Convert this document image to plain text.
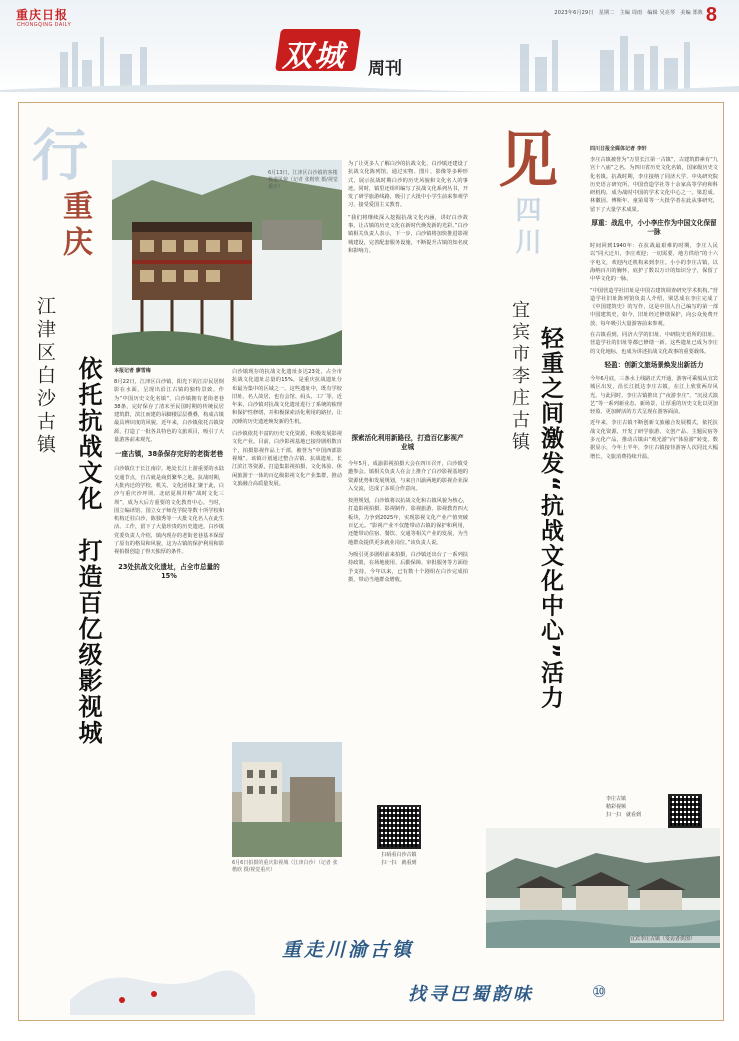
重庆日报
CHONGQING DAILY
2023年6月29日　星期二　主编 周雨　编辑 吴亮琴　美编 郑典 8
双城 周刊
行
重庆
江津区白沙古镇 依托抗战文化　打造百亿级影视城
6月13日，江津区白沙镇的客楼栈道风貌（记者 张楷欣 摄/视觉重庆）
本报记者 廖雪梅
8月22日，江津区白沙镇，阳光下的江岸民居倒影在水面，呈现出沿江古镇的独特景致。作为“中国历史文化名镇”，白沙镇拥有老街老巷38条，完好保存了清末至民国时期的传统民居建筑群，滨江而建的吊脚楼层层叠叠，构成古镇最具辨识度的风貌。近年来，白沙镇依托古镇资源，打造了一批各具特色的文旅项目，吸引了大量游客前来观光。
一座古镇，38条保存完好的老街老巷
白沙镇位于长江南岸，地处长江上游重要的水陆交通节点，自古就是商贸繁华之地。抗战时期，大批内迁的学校、机关、文化团体汇聚于此，白沙与重庆沙坪坝、北碚夏坝并称“战时文化三坝”，成为大后方重要的文化教育中心。当时，国立编译馆、国立女子师范学院等数十所学校和机构迁驻白沙，陈独秀等一大批文化名人在此生活、工作，留下了大量珍贵的历史遗迹。白沙镇党委负责人介绍，镇内现存的老街老巷基本保留了原有的格局和风貌，这为古镇的保护利用和影视拍摄创造了得天独厚的条件。
23处抗战文化遗址，占全市总量的15%
白沙镇现存的抗战文化遗址多达23处，占全市抗战文化遗址总量的15%，是重庆抗战遗址分布最为集中的区域之一。这些遗址中，既有学校旧址、名人故居，也有会馆、码头、工厂等。近年来，白沙镇对抗战文化遗址进行了系统的梳理和保护性修缮，并积极探索活化利用的路径，让沉睡的历史遗迹焕发新的生机。
白沙镇依托丰富的历史文化资源，积极发展影视文化产业。目前，白沙影视基地已接待剧组数百个，拍摄影视作品上千部，被誉为“中国西部影视城”。该镇计划通过整合古镇、抗战遗址、长江滨江等资源，打造集影视拍摄、文化体验、休闲旅游于一体的百亿级影视文化产业集群，推动文旅融合高质量发展。
6月6日拍摄的重庆影视城（江津白沙）（记者 张楷欣 摄/视觉重庆）
为了让更多人了解白沙的抗战文化，白沙镇还建设了抗战文化陈列馆，通过实物、图片、影像等多种形式，展示抗战时期白沙的历史风貌和文化名人的事迹。同时，镇里还组织编写了抗战文化系列丛书，开发了研学旅游线路，吸引了大批中小学生前来参观学习，接受爱国主义教育。
“我们将继续深入挖掘抗战文化内涵，讲好白沙故事，让古镇的历史文化在新时代焕发新的光彩。”白沙镇相关负责人表示，下一步，白沙镇将加快推进影视城建设，完善配套服务设施，不断提升古镇的知名度和影响力。
探索活化利用新路径，打造百亿影视产业城
今年5月，成渝影视拍摄大会在四川召开，白沙镇受邀参会。镇相关负责人在会上推介了白沙影视基地的资源优势和发展规划，与来自川渝两地的影视企业深入交流，达成了多项合作意向。
按照规划，白沙镇将以抗战文化和古镇风貌为核心，打造影视拍摄、影视制作、影视旅游、影视教育四大板块，力争到2025年，实现影视文化产业产值突破百亿元。“影视产业不仅能带动古镇的保护和利用，还能带动住宿、餐饮、交通等相关产业的发展，为当地群众提供更多就业岗位。”该负责人说。
为吸引更多剧组前来拍摄，白沙镇还出台了一系列扶持政策，在场地使用、后勤保障、审批服务等方面给予支持。今年以来，已有数十个剧组在白沙完成拍摄，带动当地群众增收。
扫码看白沙古镇
扫一扫　就看到
见
四川
宜宾市李庄古镇 轻重之间激发“抗战文化中心”活力
四川日报全媒体记者 李轩
李庄古镇被誉为“万里长江第一古镇”，古建筑群素有“九宫十八庙”之名。为四川省历史文化名镇，国家级历史文化名镇。抗战时期，李庄接纳了同济大学、中央研究院历史语言研究所、中国营造学社等十余家高等学府和科研机构，成为战时中国的学术文化中心之一。梁思成、林徽因、傅斯年、童第周等一大批学者在此从事研究，留下了大量学术成果。
厚重：战乱中，小小李庄作为中国文化保留一脉
时间回到1940年：在抗战最艰难的时期，李庄人民以“同大迁川，李庄欢迎；一切需要，地方供给”的十六字电文，欢迎内迁机构来到李庄。小小的李庄古镇，以海纳百川的胸怀，庇护了数以万计的知识分子，保留了中华文化的一脉。
“中国营造学社旧址是中国古建筑调查研究学术机构。”营造学社旧址陈列馆负责人介绍，梁思成在李庄完成了《中国建筑史》的写作，这是中国人自己编写的第一部中国建筑史。如今，旧址经过修缮保护，向公众免费开放，每年吸引大量游客前来参观。
在古镇看到，同济大学的旧址、中研院史语所的旧址、营造学社的旧址等都已修缮一新。这些遗址已成为李庄的文化地标，也成为讲述抗战文化故事的重要载体。
轻盈：创新文旅场景焕发出新活力
今年6月底，三条水上线路正式开通，游客可乘船从宜宾城区出发，沿长江抵达李庄古镇，在江上欣赏两岸风光。与此同时，李庄古镇推出了“夜游李庄”、“沉浸式演艺”等一系列新业态、新场景，让厚重的历史文化以更加轻盈、更加鲜活的方式呈现在游客面前。
近年来，李庄古镇不断创新文旅融合发展模式，依托抗战文化资源，开发了研学旅游、文创产品、主题民宿等多元化产品，推动古镇由“观光游”向“体验游”转变。数据显示，今年上半年，李庄古镇接待游客人次同比大幅增长，文旅消费持续升温。
李庄古镇
精彩视频
扫一扫　就看到
宜宾李庄古镇（受访者供图）
重走川渝古镇
找寻巴蜀韵味	⑩
